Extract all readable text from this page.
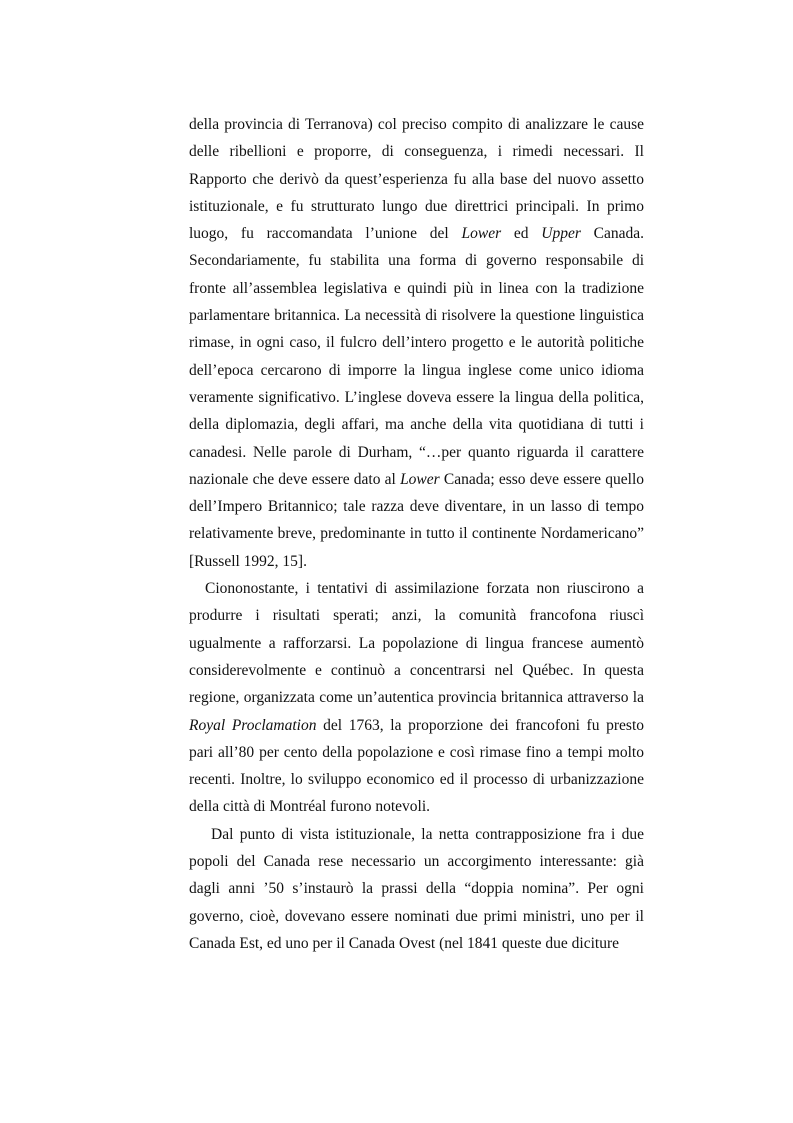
della provincia di Terranova) col preciso compito di analizzare le cause delle ribellioni e proporre, di conseguenza, i rimedi necessari. Il Rapporto che derivò da quest’esperienza fu alla base del nuovo assetto istituzionale, e fu strutturato lungo due direttrici principali. In primo luogo, fu raccomandata l’unione del Lower ed Upper Canada. Secondariamente, fu stabilita una forma di governo responsabile di fronte all’assemblea legislativa e quindi più in linea con la tradizione parlamentare britannica. La necessità di risolvere la questione linguistica rimase, in ogni caso, il fulcro dell’intero progetto e le autorità politiche dell’epoca cercarono di imporre la lingua inglese come unico idioma veramente significativo. L’inglese doveva essere la lingua della politica, della diplomazia, degli affari, ma anche della vita quotidiana di tutti i canadesi. Nelle parole di Durham, “…per quanto riguarda il carattere nazionale che deve essere dato al Lower Canada; esso deve essere quello dell’Impero Britannico; tale razza deve diventare, in un lasso di tempo relativamente breve, predominante in tutto il continente Nordamericano” [Russell 1992, 15].

Ciononostante, i tentativi di assimilazione forzata non riuscirono a produrre i risultati sperati; anzi, la comunità francofona riuscì ugualmente a rafforzarsi. La popolazione di lingua francese aumentò considerevolmente e continuò a concentrarsi nel Québec. In questa regione, organizzata come un’autentica provincia britannica attraverso la Royal Proclamation del 1763, la proporzione dei francofoni fu presto pari all’80 per cento della popolazione e così rimase fino a tempi molto recenti. Inoltre, lo sviluppo economico ed il processo di urbanizzazione della città di Montréal furono notevoli.

Dal punto di vista istituzionale, la netta contrapposizione fra i due popoli del Canada rese necessario un accorgimento interessante: già dagli anni ’50 s’instaurò la prassi della “doppia nomina”. Per ogni governo, cioè, dovevano essere nominati due primi ministri, uno per il Canada Est, ed uno per il Canada Ovest (nel 1841 queste due diciture
